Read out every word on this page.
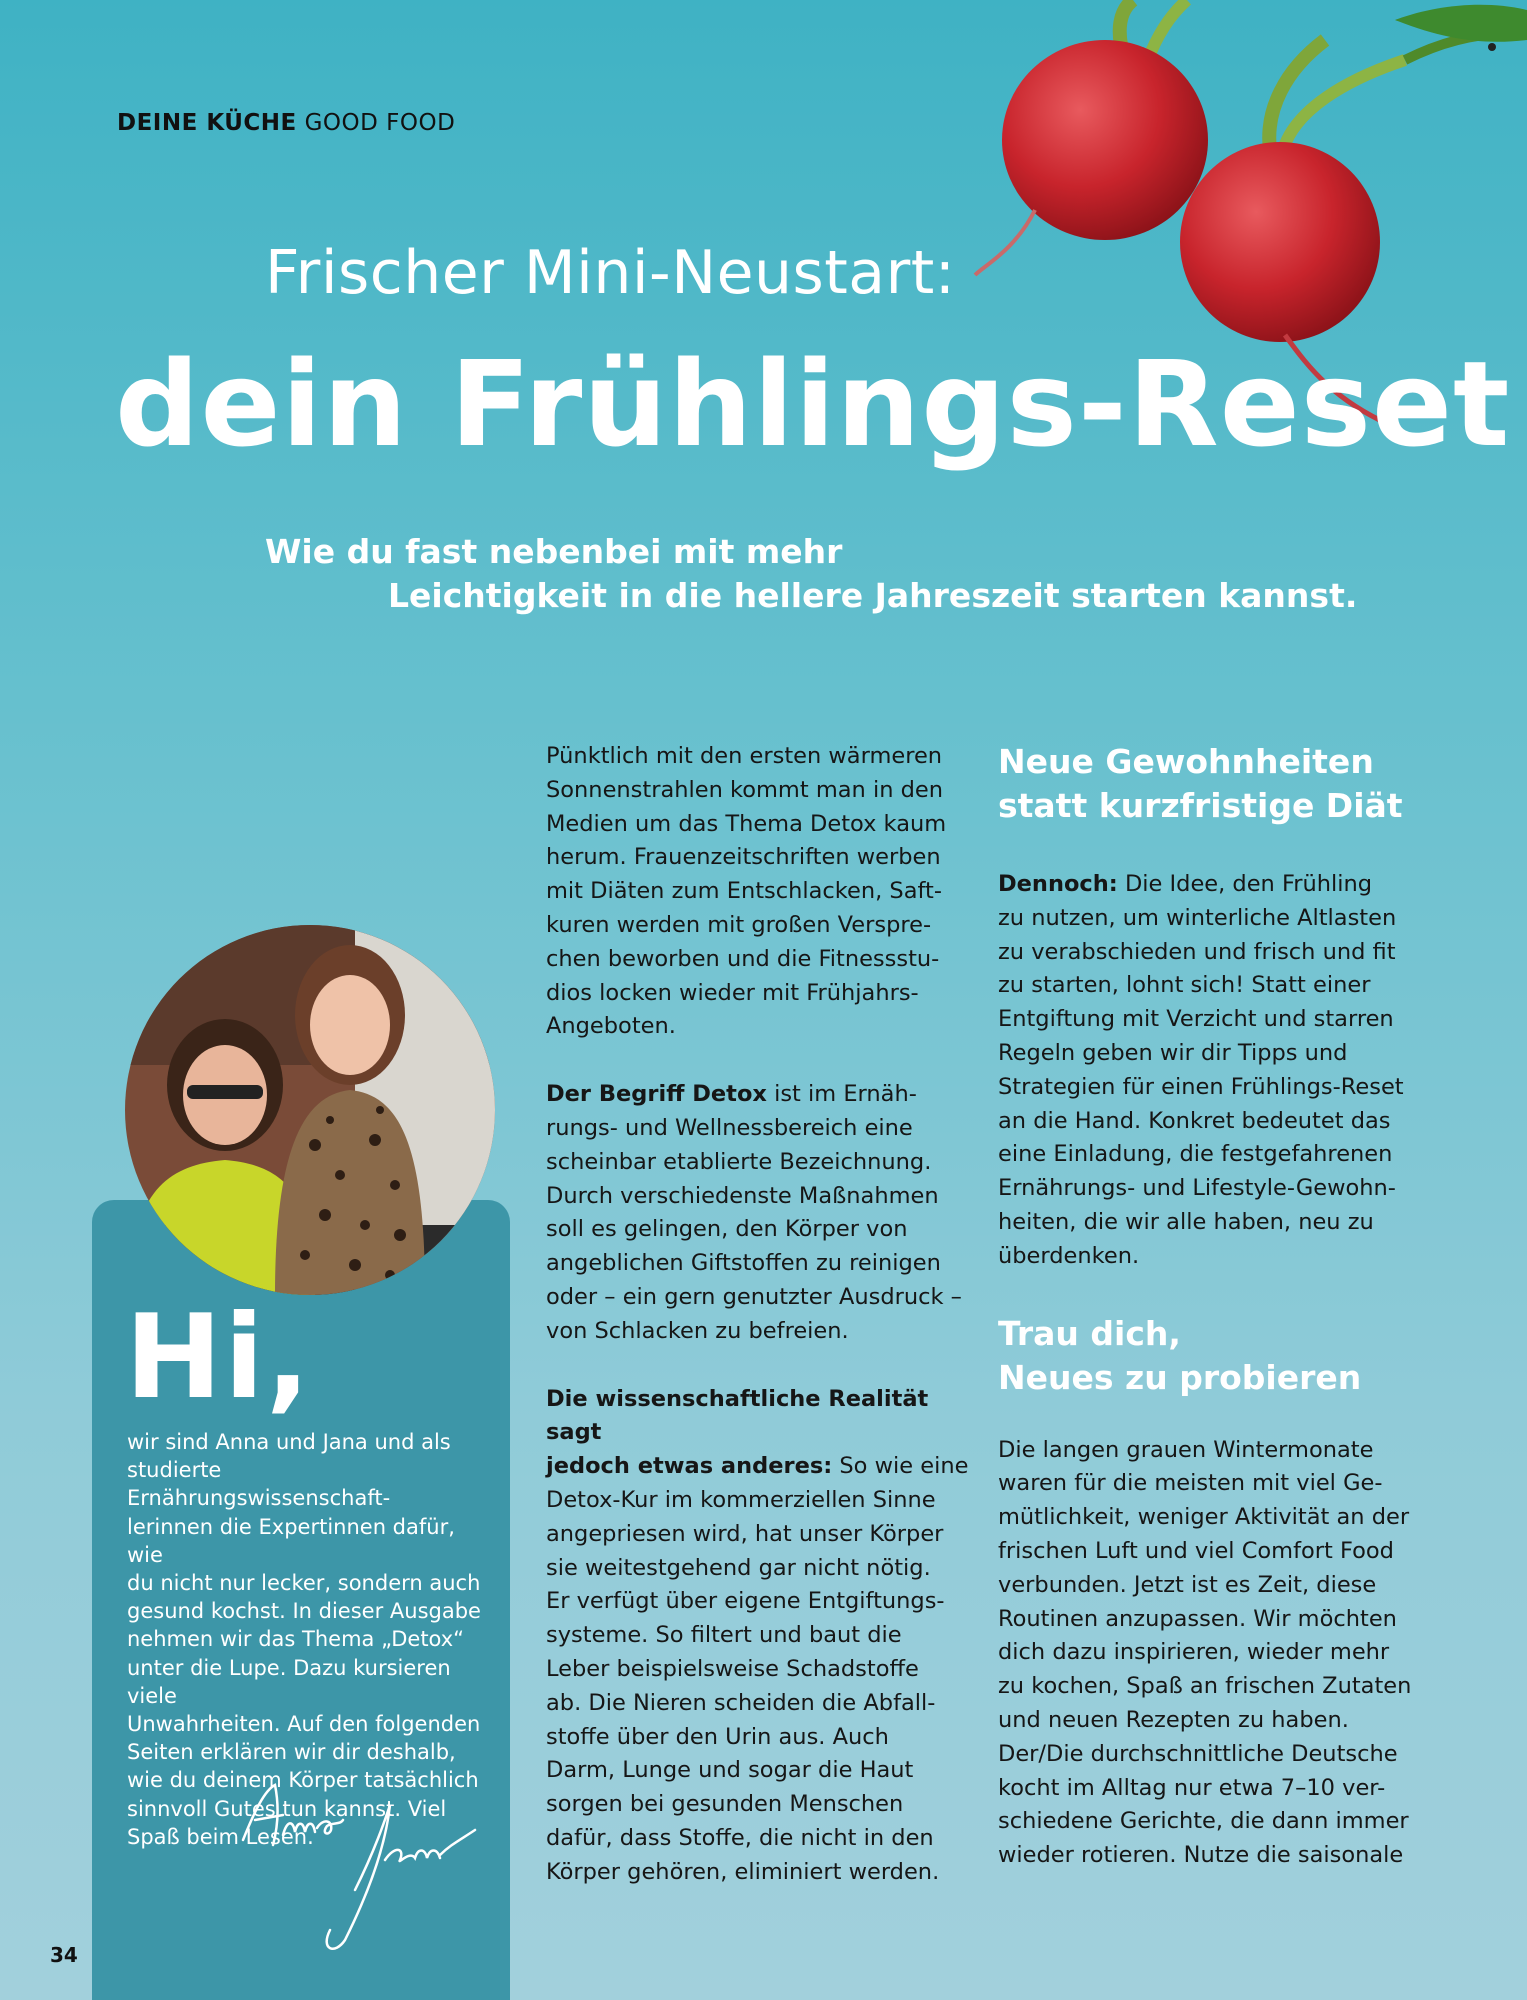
DEINE KÜCHE GOOD FOOD
Frischer Mini-Neustart:
dein Frühlings-Reset
Wie du fast nebenbei mit mehr
Leichtigkeit in die hellere Jahreszeit starten kannst.
Hi,

wir sind Anna und Jana und als

studierte Ernährungswissenschaft-

lerinnen die Expertinnen dafür, wie

du nicht nur lecker, sondern auch

gesund kochst. In dieser Ausgabe

nehmen wir das Thema „Detox“

unter die Lupe. Dazu kursieren viele

Unwahrheiten. Auf den folgenden

Seiten erklären wir dir deshalb,

wie du deinem Körper tatsächlich

sinnvoll Gutes tun kannst. Viel

Spaß beim Lesen.

Pünktlich mit den ersten wärmeren

Sonnenstrahlen kommt man in den

Medien um das Thema Detox kaum

herum. Frauenzeitschriften werben

mit Diäten zum Entschlacken, Saft-

kuren werden mit großen Verspre-

chen beworben und die Fitnessstu-

dios locken wieder mit Frühjahrs-

Angeboten.

Der Begriff Detox ist im Ernäh-

rungs- und Wellnessbereich eine

scheinbar etablierte Bezeichnung.

Durch verschiedenste Maßnahmen

soll es gelingen, den Körper von

angeblichen Giftstoffen zu reinigen

oder – ein gern genutzter Ausdruck –

von Schlacken zu befreien.

Die wissenschaftliche Realität sagt

jedoch etwas anderes: So wie eine

Detox-Kur im kommerziellen Sinne

angepriesen wird, hat unser Körper

sie weitestgehend gar nicht nötig.

Er verfügt über eigene Entgiftungs-

systeme. So filtert und baut die

Leber beispielsweise Schadstoffe

ab. Die Nieren scheiden die Abfall-

stoffe über den Urin aus. Auch

Darm, Lunge und sogar die Haut

sorgen bei gesunden Menschen

dafür, dass Stoffe, die nicht in den

Körper gehören, eliminiert werden.

Neue Gewohnheiten

statt kurzfristige Diät

Dennoch: Die Idee, den Frühling

zu nutzen, um winterliche Altlasten

zu verabschieden und frisch und fit

zu starten, lohnt sich! Statt einer

Entgiftung mit Verzicht und starren

Regeln geben wir dir Tipps und

Strategien für einen Frühlings-Reset

an die Hand. Konkret bedeutet das

eine Einladung, die festgefahrenen

Ernährungs- und Lifestyle-Gewohn-

heiten, die wir alle haben, neu zu

überdenken.

Trau dich,

Neues zu probieren

Die langen grauen Wintermonate

waren für die meisten mit viel Ge-

mütlichkeit, weniger Aktivität an der

frischen Luft und viel Comfort Food

verbunden. Jetzt ist es Zeit, diese

Routinen anzupassen. Wir möchten

dich dazu inspirieren, wieder mehr

zu kochen, Spaß an frischen Zutaten

und neuen Rezepten zu haben.

Der/Die durchschnittliche Deutsche

kocht im Alltag nur etwa 7–10 ver-

schiedene Gerichte, die dann immer

wieder rotieren. Nutze die saisonale

34
